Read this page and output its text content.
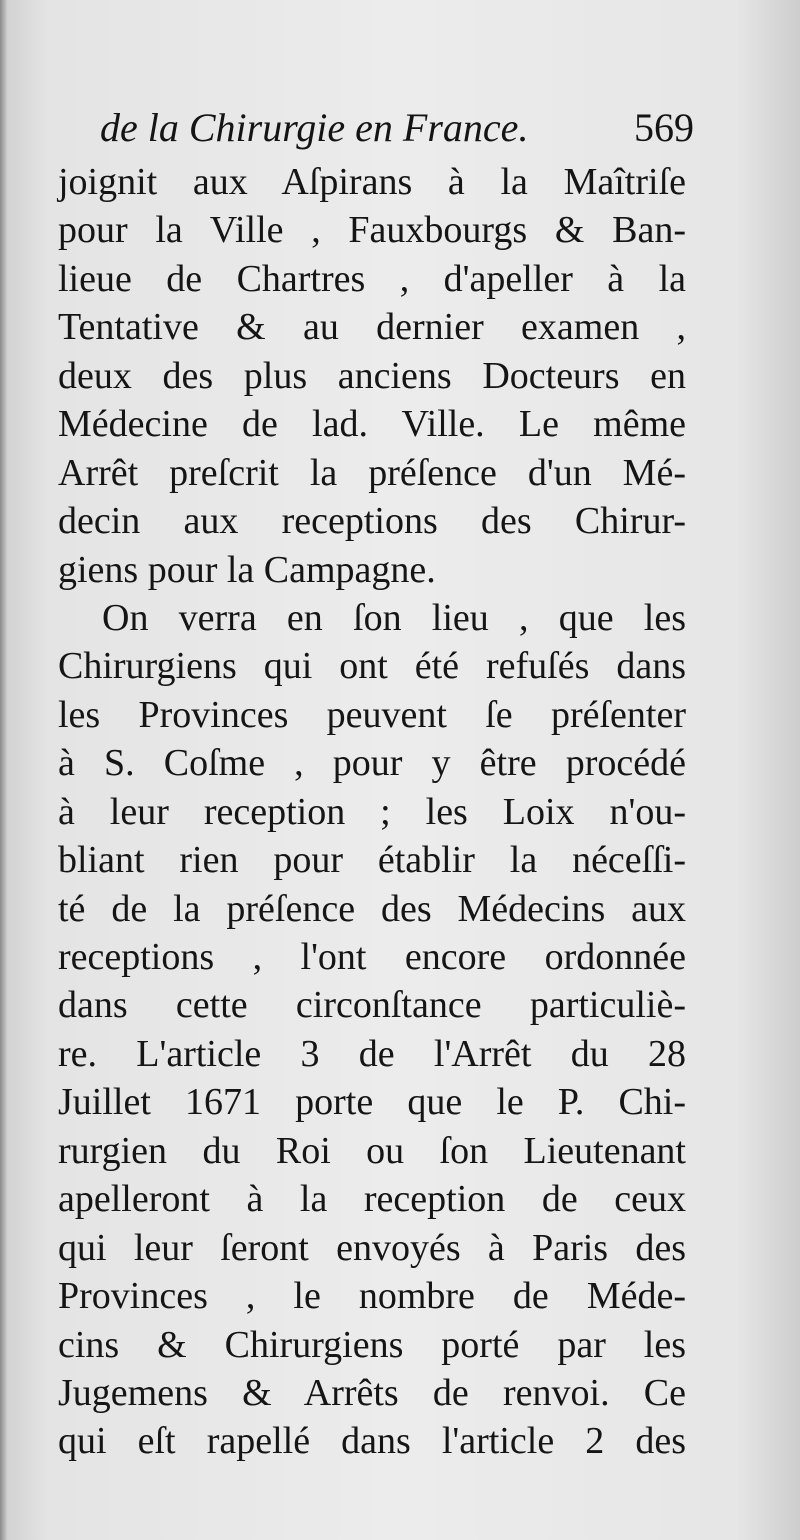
de la Chirurgie en France.	569
joignit aux Aſpirans à la Maîtriſe
pour la Ville , Fauxbourgs & Ban-
lieue de Chartres , d'apeller à la
Tentative & au dernier examen ,
deux des plus anciens Docteurs en
Médecine de lad. Ville. Le même
Arrêt preſcrit la préſence d'un Mé-
decin aux receptions des Chirur-
giens pour la Campagne.
On verra en ſon lieu , que les
Chirurgiens qui ont été refuſés dans
les Provinces peuvent ſe préſenter
à S. Coſme , pour y être procédé
à leur reception ; les Loix n'ou-
bliant rien pour établir la néceſſi-
té de la préſence des Médecins aux
receptions , l'ont encore ordonnée
dans cette circonſtance particuliè-
re. L'article 3 de l'Arrêt du 28
Juillet 1671 porte que le P. Chi-
rurgien du Roi ou ſon Lieutenant
apelleront à la reception de ceux
qui leur ſeront envoyés à Paris des
Provinces , le nombre de Méde-
cins & Chirurgiens porté par les
Jugemens & Arrêts de renvoi. Ce
qui eſt rapellé dans l'article 2 des
